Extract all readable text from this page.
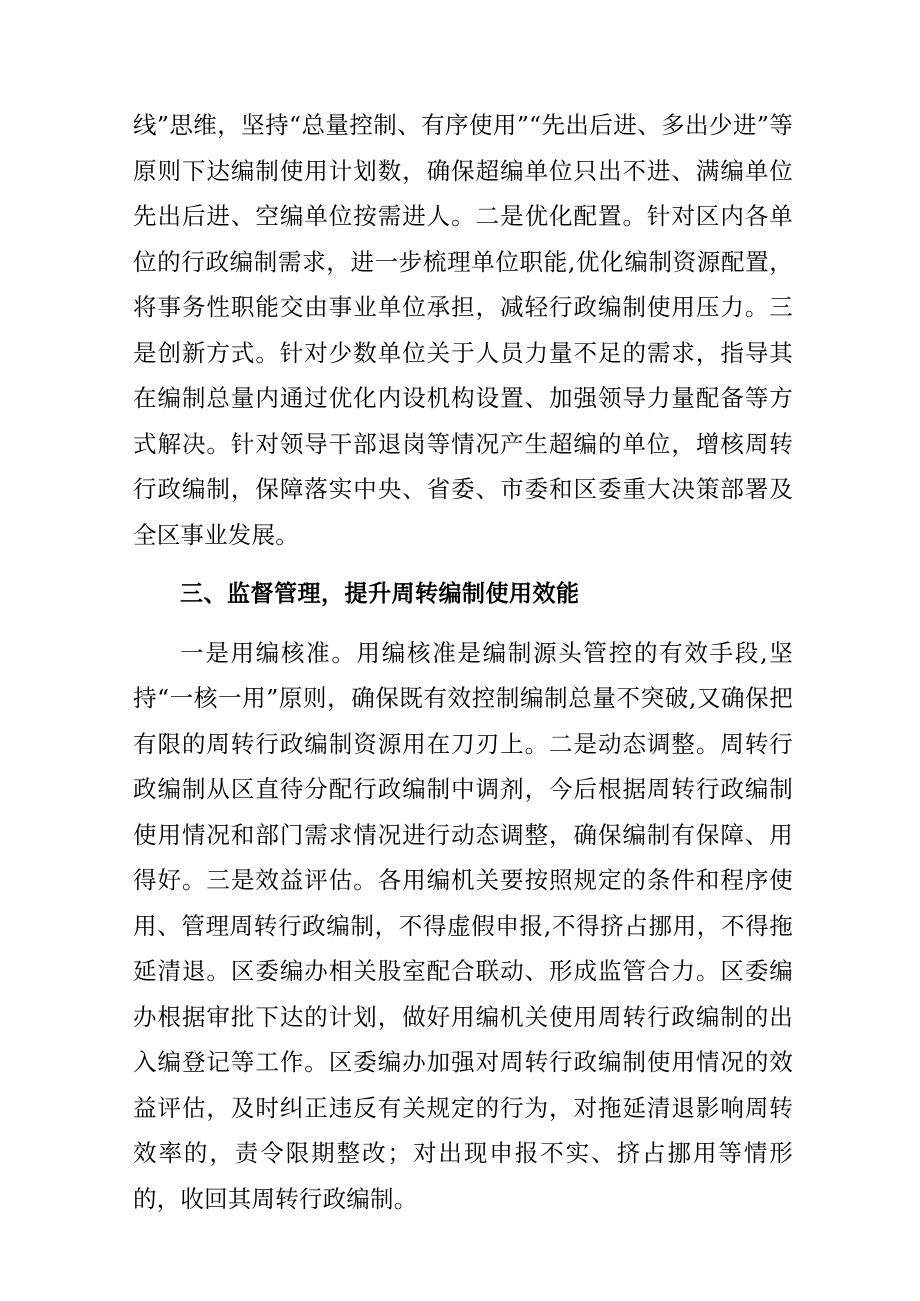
线”思维，坚持“总量控制、有序使用”“先出后进、多出少进”等原则下达编制使用计划数，确保超编单位只出不进、满编单位先出后进、空编单位按需进人。二是优化配置。针对区内各单位的行政编制需求，进一步梳理单位职能,优化编制资源配置，将事务性职能交由事业单位承担，减轻行政编制使用压力。三是创新方式。针对少数单位关于人员力量不足的需求，指导其在编制总量内通过优化内设机构设置、加强领导力量配备等方式解决。针对领导干部退岗等情况产生超编的单位，增核周转行政编制，保障落实中央、省委、市委和区委重大决策部署及全区事业发展。

三、监督管理，提升周转编制使用效能

一是用编核准。用编核准是编制源头管控的有效手段,坚持“一核一用”原则，确保既有效控制编制总量不突破,又确保把有限的周转行政编制资源用在刀刃上。二是动态调整。周转行政编制从区直待分配行政编制中调剂，今后根据周转行政编制使用情况和部门需求情况进行动态调整，确保编制有保障、用得好。三是效益评估。各用编机关要按照规定的条件和程序使用、管理周转行政编制，不得虚假申报,不得挤占挪用，不得拖延清退。区委编办相关股室配合联动、形成监管合力。区委编办根据审批下达的计划，做好用编机关使用周转行政编制的出入编登记等工作。区委编办加强对周转行政编制使用情况的效益评估，及时纠正违反有关规定的行为，对拖延清退影响周转效率的，责令限期整改；对出现申报不实、挤占挪用等情形的，收回其周转行政编制。
